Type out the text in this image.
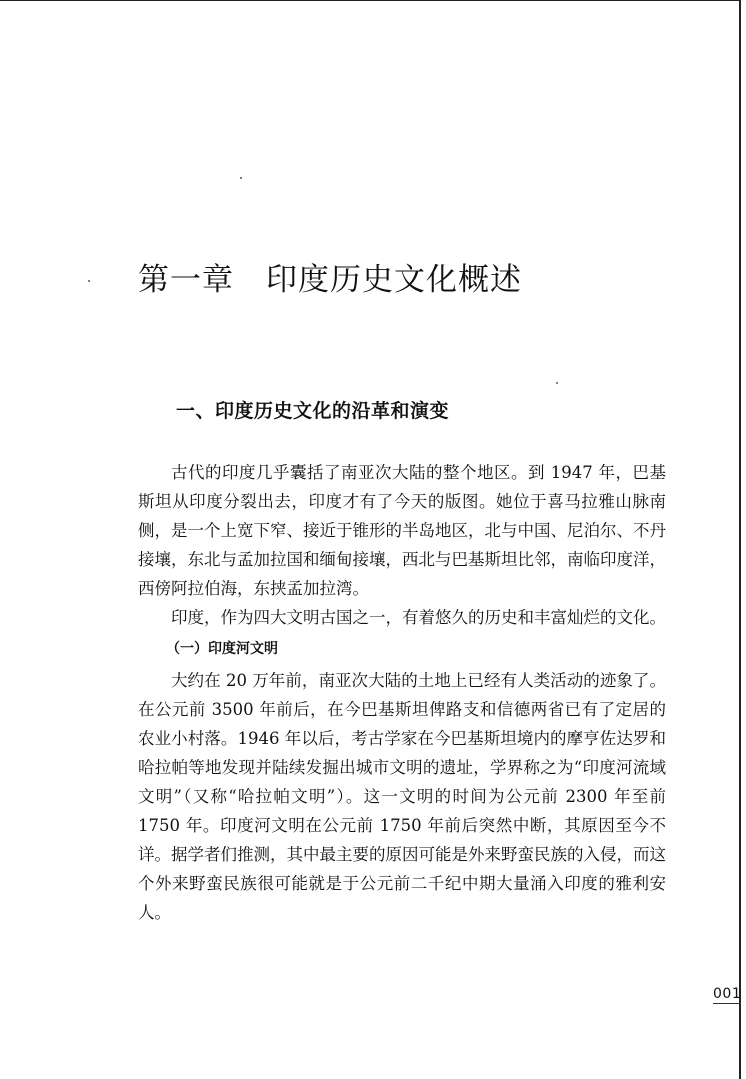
第一章　印度历史文化概述
一、印度历史文化的沿革和演变

古代的印度几乎囊括了南亚次大陆的整个地区。到 1947 年，巴基斯坦从印度分裂出去，印度才有了今天的版图。她位于喜马拉雅山脉南侧，是一个上宽下窄、接近于锥形的半岛地区，北与中国、尼泊尔、不丹接壤，东北与孟加拉国和缅甸接壤，西北与巴基斯坦比邻，南临印度洋，西傍阿拉伯海，东挟孟加拉湾。

印度，作为四大文明古国之一，有着悠久的历史和丰富灿烂的文化。

（一）印度河文明

大约在 20 万年前，南亚次大陆的土地上已经有人类活动的迹象了。在公元前 3500 年前后，在今巴基斯坦俾路支和信德两省已有了定居的农业小村落。1946 年以后，考古学家在今巴基斯坦境内的摩亨佐达罗和哈拉帕等地发现并陆续发掘出城市文明的遗址，学界称之为“印度河流域文明”（又称“哈拉帕文明”）。这一文明的时间为公元前 2300 年至前 1750 年。印度河文明在公元前 1750 年前后突然中断，其原因至今不详。据学者们推测，其中最主要的原因可能是外来野蛮民族的入侵，而这个外来野蛮民族很可能就是于公元前二千纪中期大量涌入印度的雅利安人。

001
